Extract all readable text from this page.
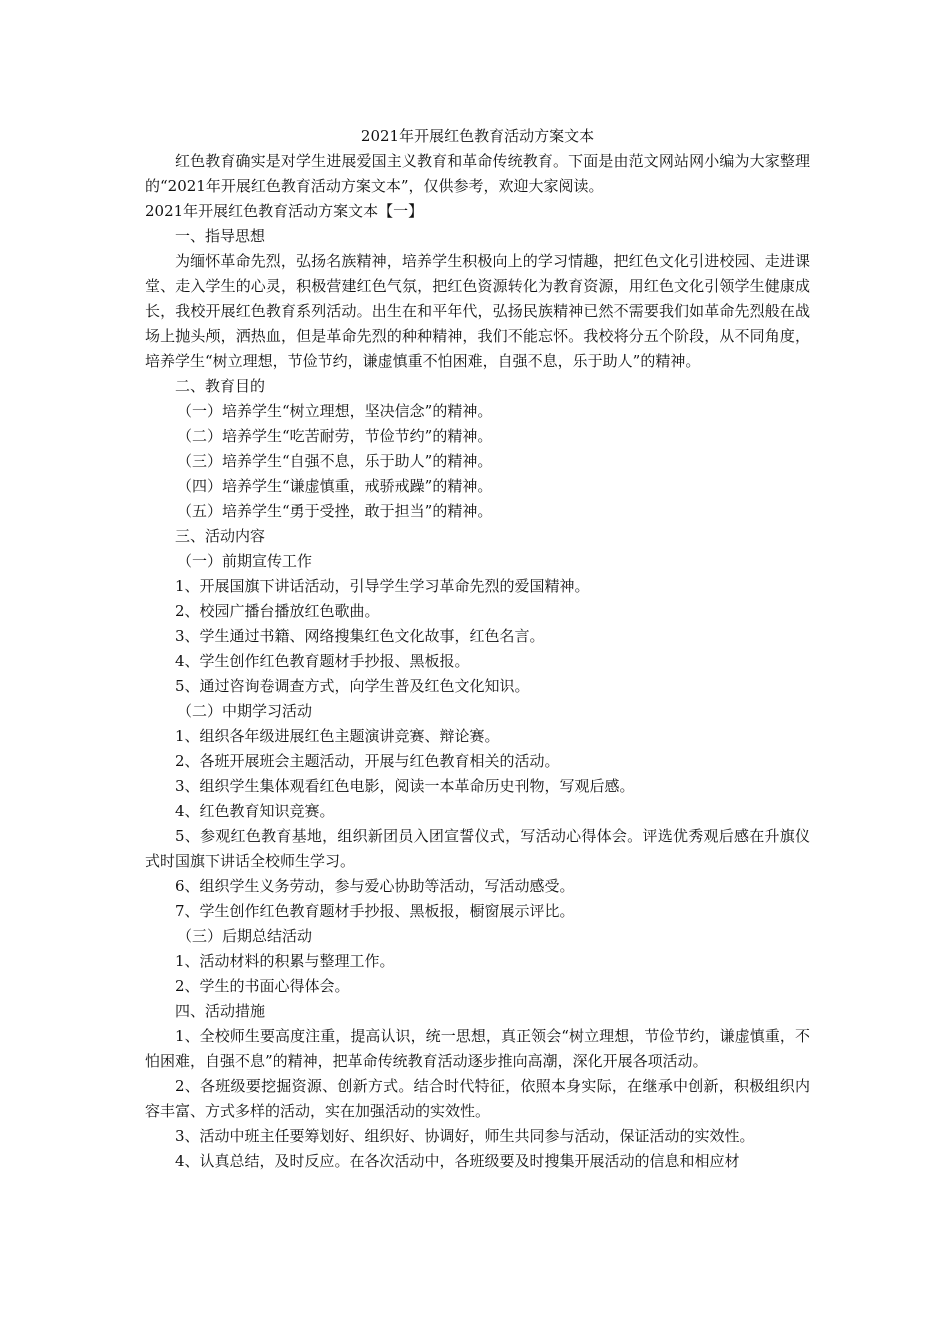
2021年开展红色教育活动方案文本

红色教育确实是对学生进展爱国主义教育和革命传统教育。下面是由范文网站网小编为大家整理的“2021年开展红色教育活动方案文本”，仅供参考，欢迎大家阅读。

2021年开展红色教育活动方案文本【一】

一、指导思想

为缅怀革命先烈，弘扬名族精神，培养学生积极向上的学习情趣，把红色文化引进校园、走进课堂、走入学生的心灵，积极营建红色气氛，把红色资源转化为教育资源，用红色文化引领学生健康成长，我校开展红色教育系列活动。出生在和平年代，弘扬民族精神已然不需要我们如革命先烈般在战场上抛头颅，洒热血，但是革命先烈的种种精神，我们不能忘怀。我校将分五个阶段，从不同角度，培养学生“树立理想，节俭节约，谦虚慎重不怕困难，自强不息，乐于助人”的精神。

二、教育目的

（一）培养学生“树立理想，坚决信念”的精神。

（二）培养学生“吃苦耐劳，节俭节约”的精神。

（三）培养学生“自强不息，乐于助人”的精神。

（四）培养学生“谦虚慎重，戒骄戒躁”的精神。

（五）培养学生“勇于受挫，敢于担当”的精神。

三、活动内容

（一）前期宣传工作

1、开展国旗下讲话活动，引导学生学习革命先烈的爱国精神。

2、校园广播台播放红色歌曲。

3、学生通过书籍、网络搜集红色文化故事，红色名言。

4、学生创作红色教育题材手抄报、黑板报。

5、通过咨询卷调查方式，向学生普及红色文化知识。

（二）中期学习活动

1、组织各年级进展红色主题演讲竞赛、辩论赛。

2、各班开展班会主题活动，开展与红色教育相关的活动。

3、组织学生集体观看红色电影，阅读一本革命历史刊物，写观后感。

4、红色教育知识竞赛。

5、参观红色教育基地，组织新团员入团宣誓仪式，写活动心得体会。评选优秀观后感在升旗仪式时国旗下讲话全校师生学习。

6、组织学生义务劳动，参与爱心协助等活动，写活动感受。

7、学生创作红色教育题材手抄报、黑板报，橱窗展示评比。

（三）后期总结活动

1、活动材料的积累与整理工作。

2、学生的书面心得体会。

四、活动措施

1、全校师生要高度注重，提高认识，统一思想，真正领会“树立理想，节俭节约，谦虚慎重，不怕困难，自强不息”的精神，把革命传统教育活动逐步推向高潮，深化开展各项活动。

2、各班级要挖掘资源、创新方式。结合时代特征，依照本身实际，在继承中创新，积极组织内容丰富、方式多样的活动，实在加强活动的实效性。

3、活动中班主任要筹划好、组织好、协调好，师生共同参与活动，保证活动的实效性。

4、认真总结，及时反应。在各次活动中，各班级要及时搜集开展活动的信息和相应材
